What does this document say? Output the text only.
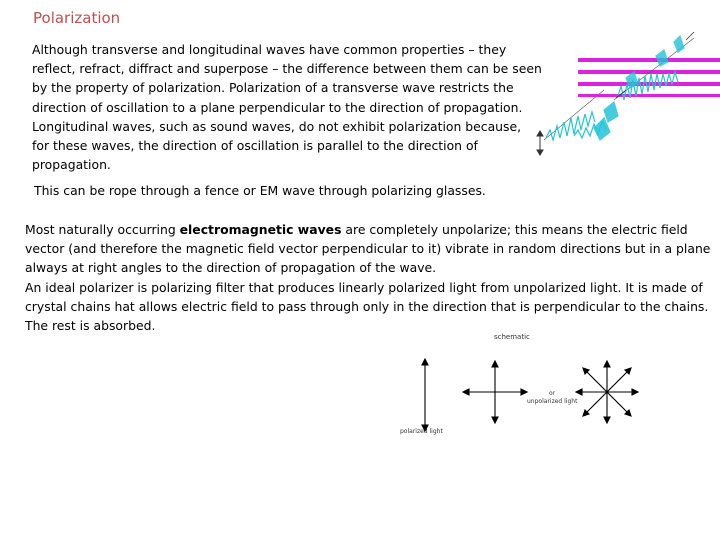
Polarization
Although transverse and longitudinal waves have common properties – they reflect, refract, diffract and superpose – the difference between them can be seen by the property of polarization. Polarization of a transverse wave restricts the direction of oscillation to a plane perpendicular to the direction of propagation. Longitudinal waves, such as sound waves, do not exhibit polarization because, for these waves, the direction of oscillation is parallel to the direction of propagation.
This can be rope through a fence or EM wave through polarizing glasses.
Most naturally occurring electromagnetic waves are completely unpolarize; this means the electric field vector (and therefore the magnetic field vector perpendicular to it) vibrate in random directions but in a plane always at right angles to the direction of propagation of the wave.
An ideal polarizer is polarizing filter that produces linearly polarized light from unpolarized light. It is made of crystal chains hat allows electric field to pass through only in the direction that is perpendicular to the chains. The rest is absorbed.
schematic
polarized light
or
unpolarized light
